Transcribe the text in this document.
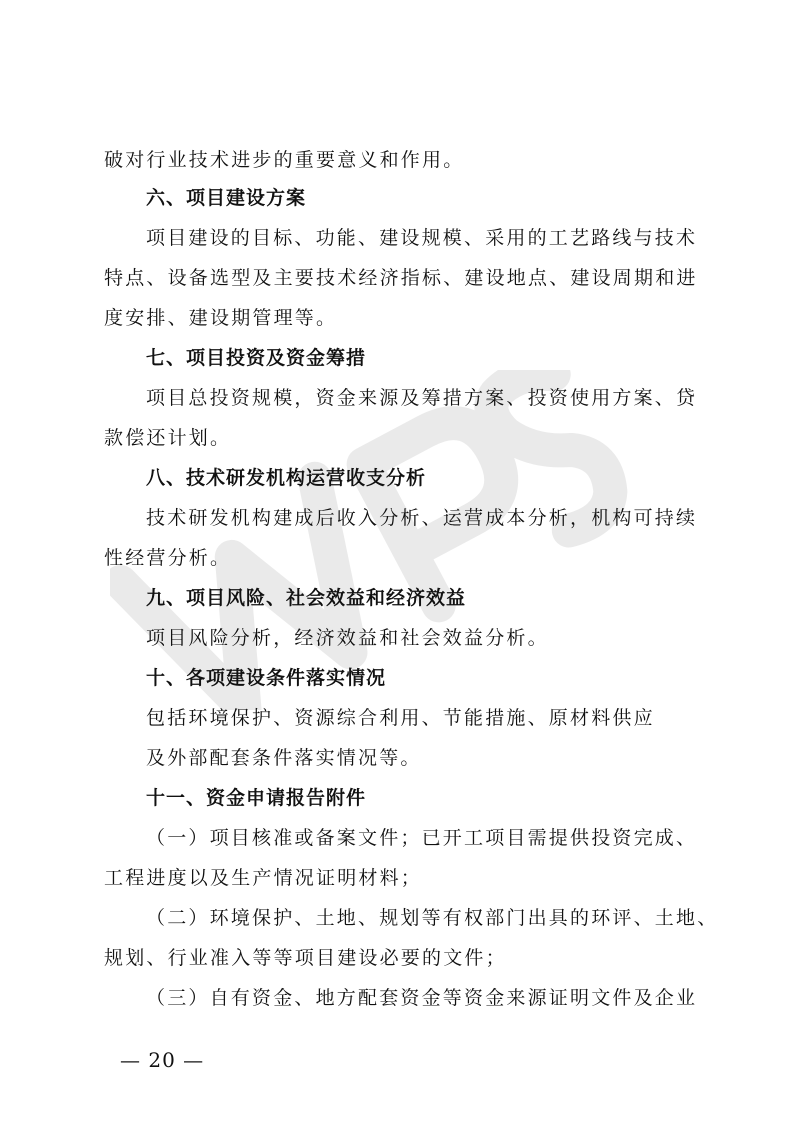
破对行业技术进步的重要意义和作用。
六、项目建设方案
项目建设的目标、功能、建设规模、采用的工艺路线与技术
特点、设备选型及主要技术经济指标、建设地点、建设周期和进
度安排、建设期管理等。
七、项目投资及资金筹措
项目总投资规模，资金来源及筹措方案、投资使用方案、贷
款偿还计划。
八、技术研发机构运营收支分析
技术研发机构建成后收入分析、运营成本分析，机构可持续
性经营分析。
九、项目风险、社会效益和经济效益
项目风险分析，经济效益和社会效益分析。
十、各项建设条件落实情况
包括环境保护、资源综合利用、节能措施、原材料供应
及外部配套条件落实情况等。
十一、资金申请报告附件
（一）项目核准或备案文件；已开工项目需提供投资完成、
工程进度以及生产情况证明材料；
（二）环境保护、土地、规划等有权部门出具的环评、土地、
规划、行业准入等等项目建设必要的文件；
（三）自有资金、地方配套资金等资金来源证明文件及企业
— 20 —
